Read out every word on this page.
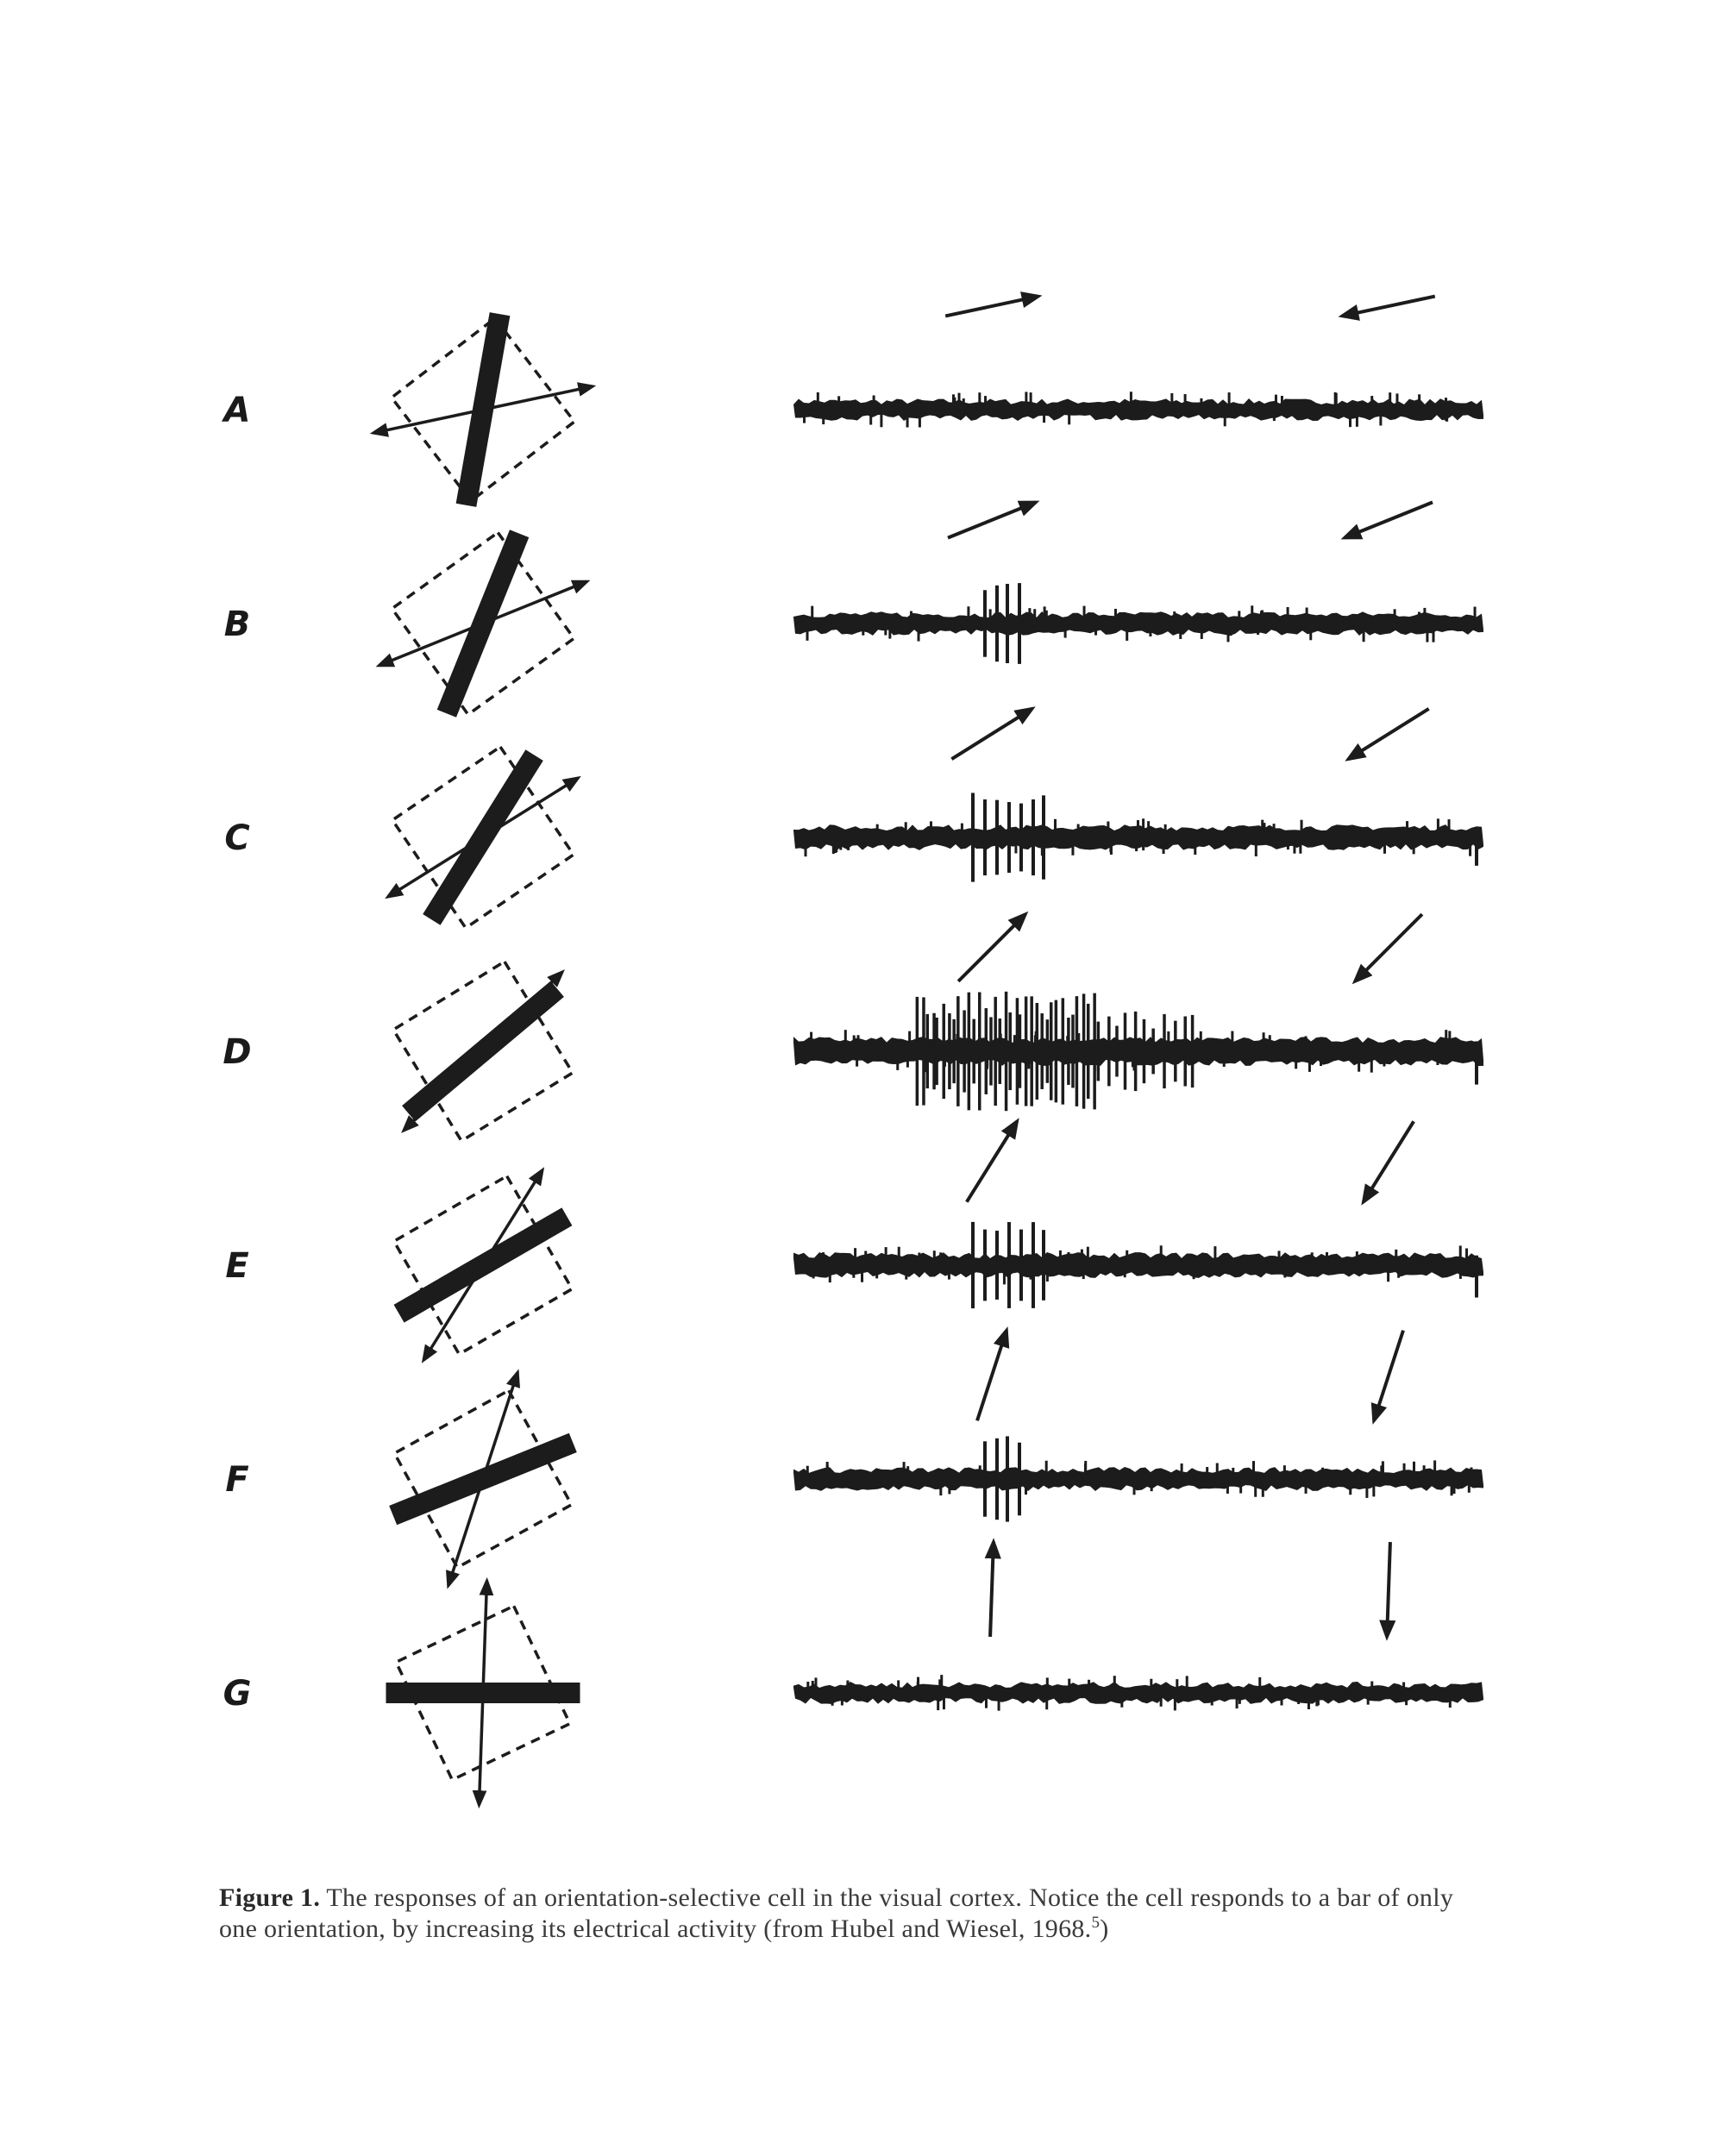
A
B
C
D
E
F
G
Figure 1. The responses of an orientation-selective cell in the visual cortex. Notice the cell responds to a bar of only one orientation, by increasing its electrical activity (from Hubel and Wiesel, 1968.$^5$)
